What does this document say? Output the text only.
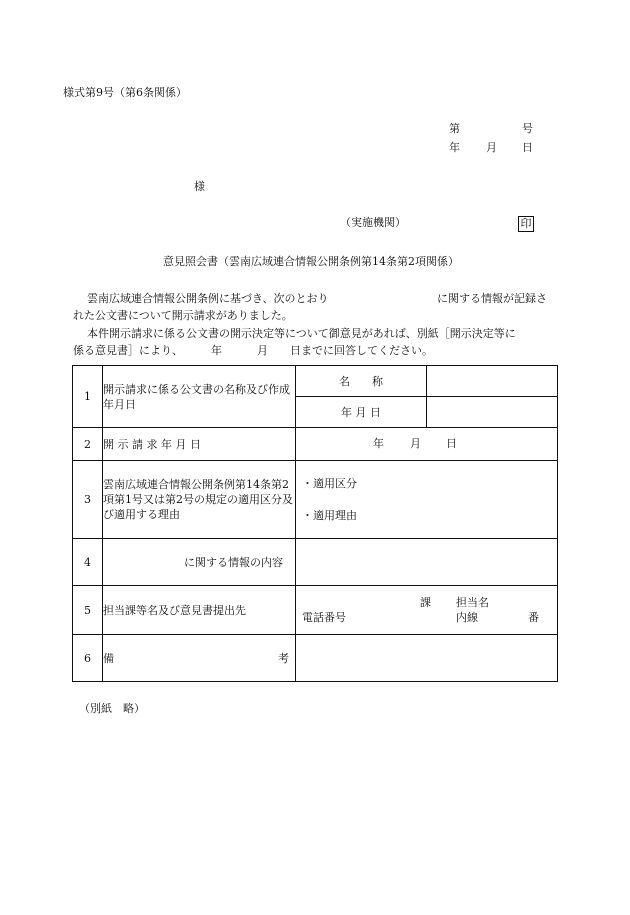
様式第9号（第6条関係）
第	号
年 月 日
様
（実施機関）	印
意見照会書（雲南広域連合情報公開条例第14条第2項関係）
雲南広域連合情報公開条例に基づき、次のとおり	に関する情報が記録さ
れた公文書について開示請求がありました。
本件開示請求に係る公文書の開示決定等について御意見があれば、別紙［開示決定等に
係る意見書］により、	年	月 日までに回答してください。
1	開示請求に係る公文書の名称及び作成年月日	名　　称	
		年 月 日	
2	開 示 請 求 年 月 日	年 月 日	

3	雲南広域連合情報公開条例第14条第2項第1号又は第2号の規定の適用区分及び適用する理由	・適用区分
・適用理由	

4	に関する情報の内容		
5	担当課等名及び意見書提出先	課 担当名
電話番号 内線 番	

6	備 考		

（別紙　略）
